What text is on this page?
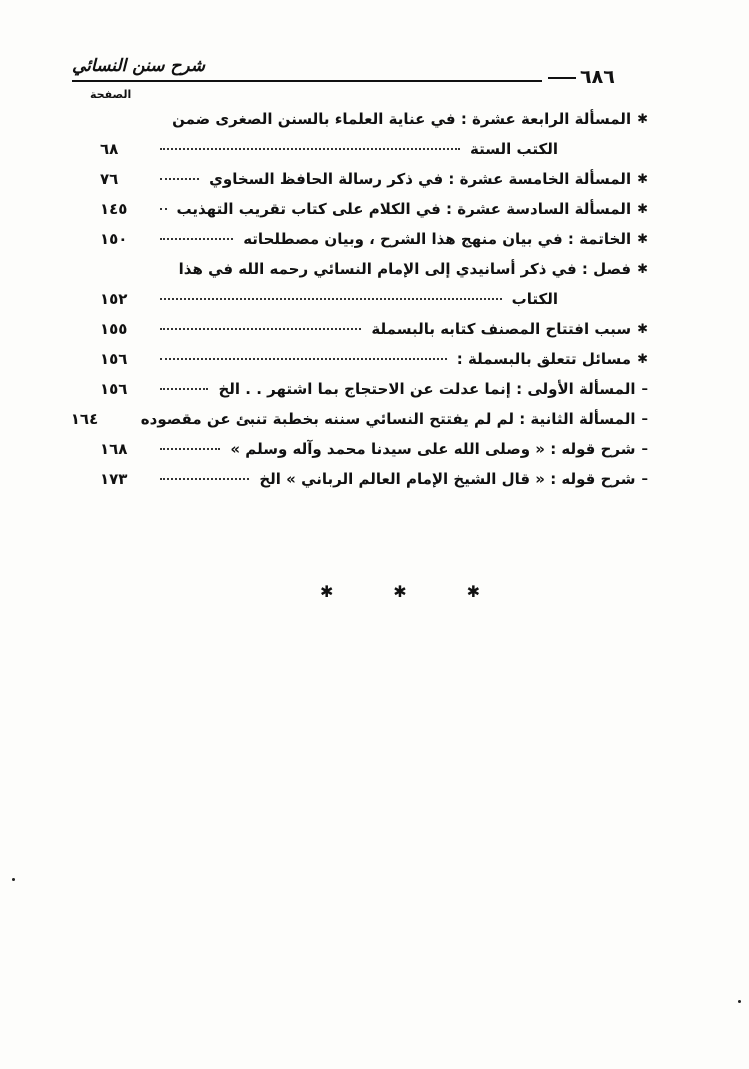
شرح سنن النسائي	٦٨٦
الصفحة
✱
المسألة الرابعة عشرة : في عناية العلماء بالسنن الصغرى ضمن
الكتب الستة
٦٨
✱
المسألة الخامسة عشرة : في ذكر رسالة الحافظ السخاوي
٧٦
✱
المسألة السادسة عشرة : في الكلام على كتاب تقريب التهذيب
١٤٥
✱
الخاتمة : في بيان منهج هذا الشرح ، وبيان مصطلحاته
١٥٠
✱
فصل : في ذكر أسانيدي إلى الإمام النسائي رحمه الله في هذا
الكتاب
١٥٢
✱
سبب افتتاح المصنف كتابه بالبسملة
١٥٥
✱
مسائل تتعلق بالبسملة :
١٥٦
–
المسألة الأولى : إنما عدلت عن الاحتجاج بما اشتهر . . الخ
١٥٦
–
المسألة الثانية : لم لم يفتتح النسائي سننه بخطبة تنبئ عن مقصوده
١٦٤
–
شرح قوله : « وصلى الله على سيدنا محمد وآله وسلم »
١٦٨
–
شرح قوله : « قال الشيخ الإمام العالم الرباني » الخ
١٧٣
✱	✱	✱
